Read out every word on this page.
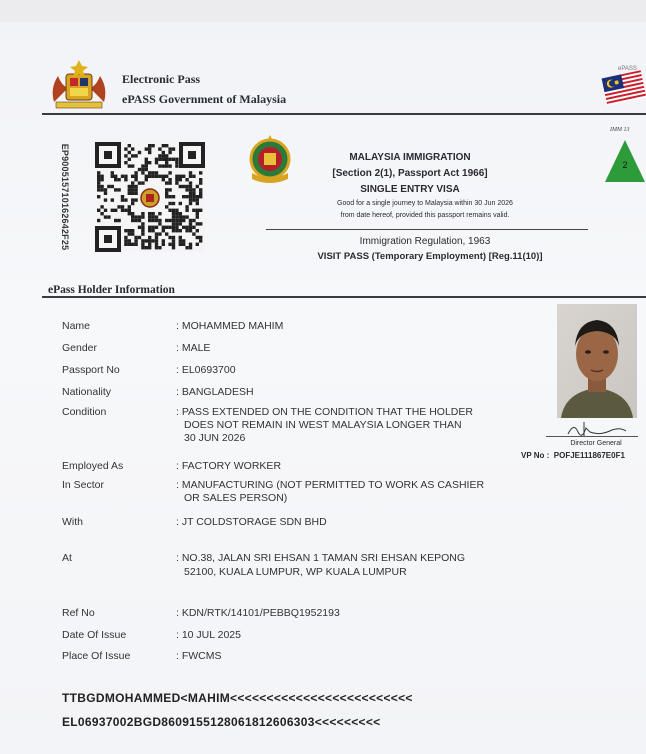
Electronic Pass
ePASS Government of Malaysia
ePASS
IMM 13
2
EP900515710162642F25	MALAYSIA IMMIGRATION
[Section 2(1), Passport Act 1966]
SINGLE ENTRY VISA
Good for a single journey to Malaysia within 30 Jun 2026
from date hereof, provided this passport remains valid.
Immigration Regulation, 1963
VISIT PASS (Temporary Employment) [Reg.11(10)]
ePass Holder Information
Director General
VP No : POFJE111867E0F1
Name	: MOHAMMED MAHIM
Gender	: MALE
Passport No	: EL0693700
Nationality	: BANGLADESH
Condition	: PASS EXTENDED ON THE CONDITION THAT THE HOLDER
DOES NOT REMAIN IN WEST MALAYSIA LONGER THAN
30 JUN 2026
Employed As	: FACTORY WORKER
In Sector	: MANUFACTURING (NOT PERMITTED TO WORK AS CASHIER
OR SALES PERSON)
With	: JT COLDSTORAGE SDN BHD
At	: NO.38, JALAN SRI EHSAN 1 TAMAN SRI EHSAN KEPONG
52100, KUALA LUMPUR, WP KUALA LUMPUR
Ref No	: KDN/RTK/14101/PEBBQ1952193
Date Of Issue	: 10 JUL 2025
Place Of Issue	: FWCMS
TTBGDMOHAMMED<MAHIM<<<<<<<<<<<<<<<<<<<<<<<<<
EL06937002BGD8609155128061812606303<<<<<<<<<
